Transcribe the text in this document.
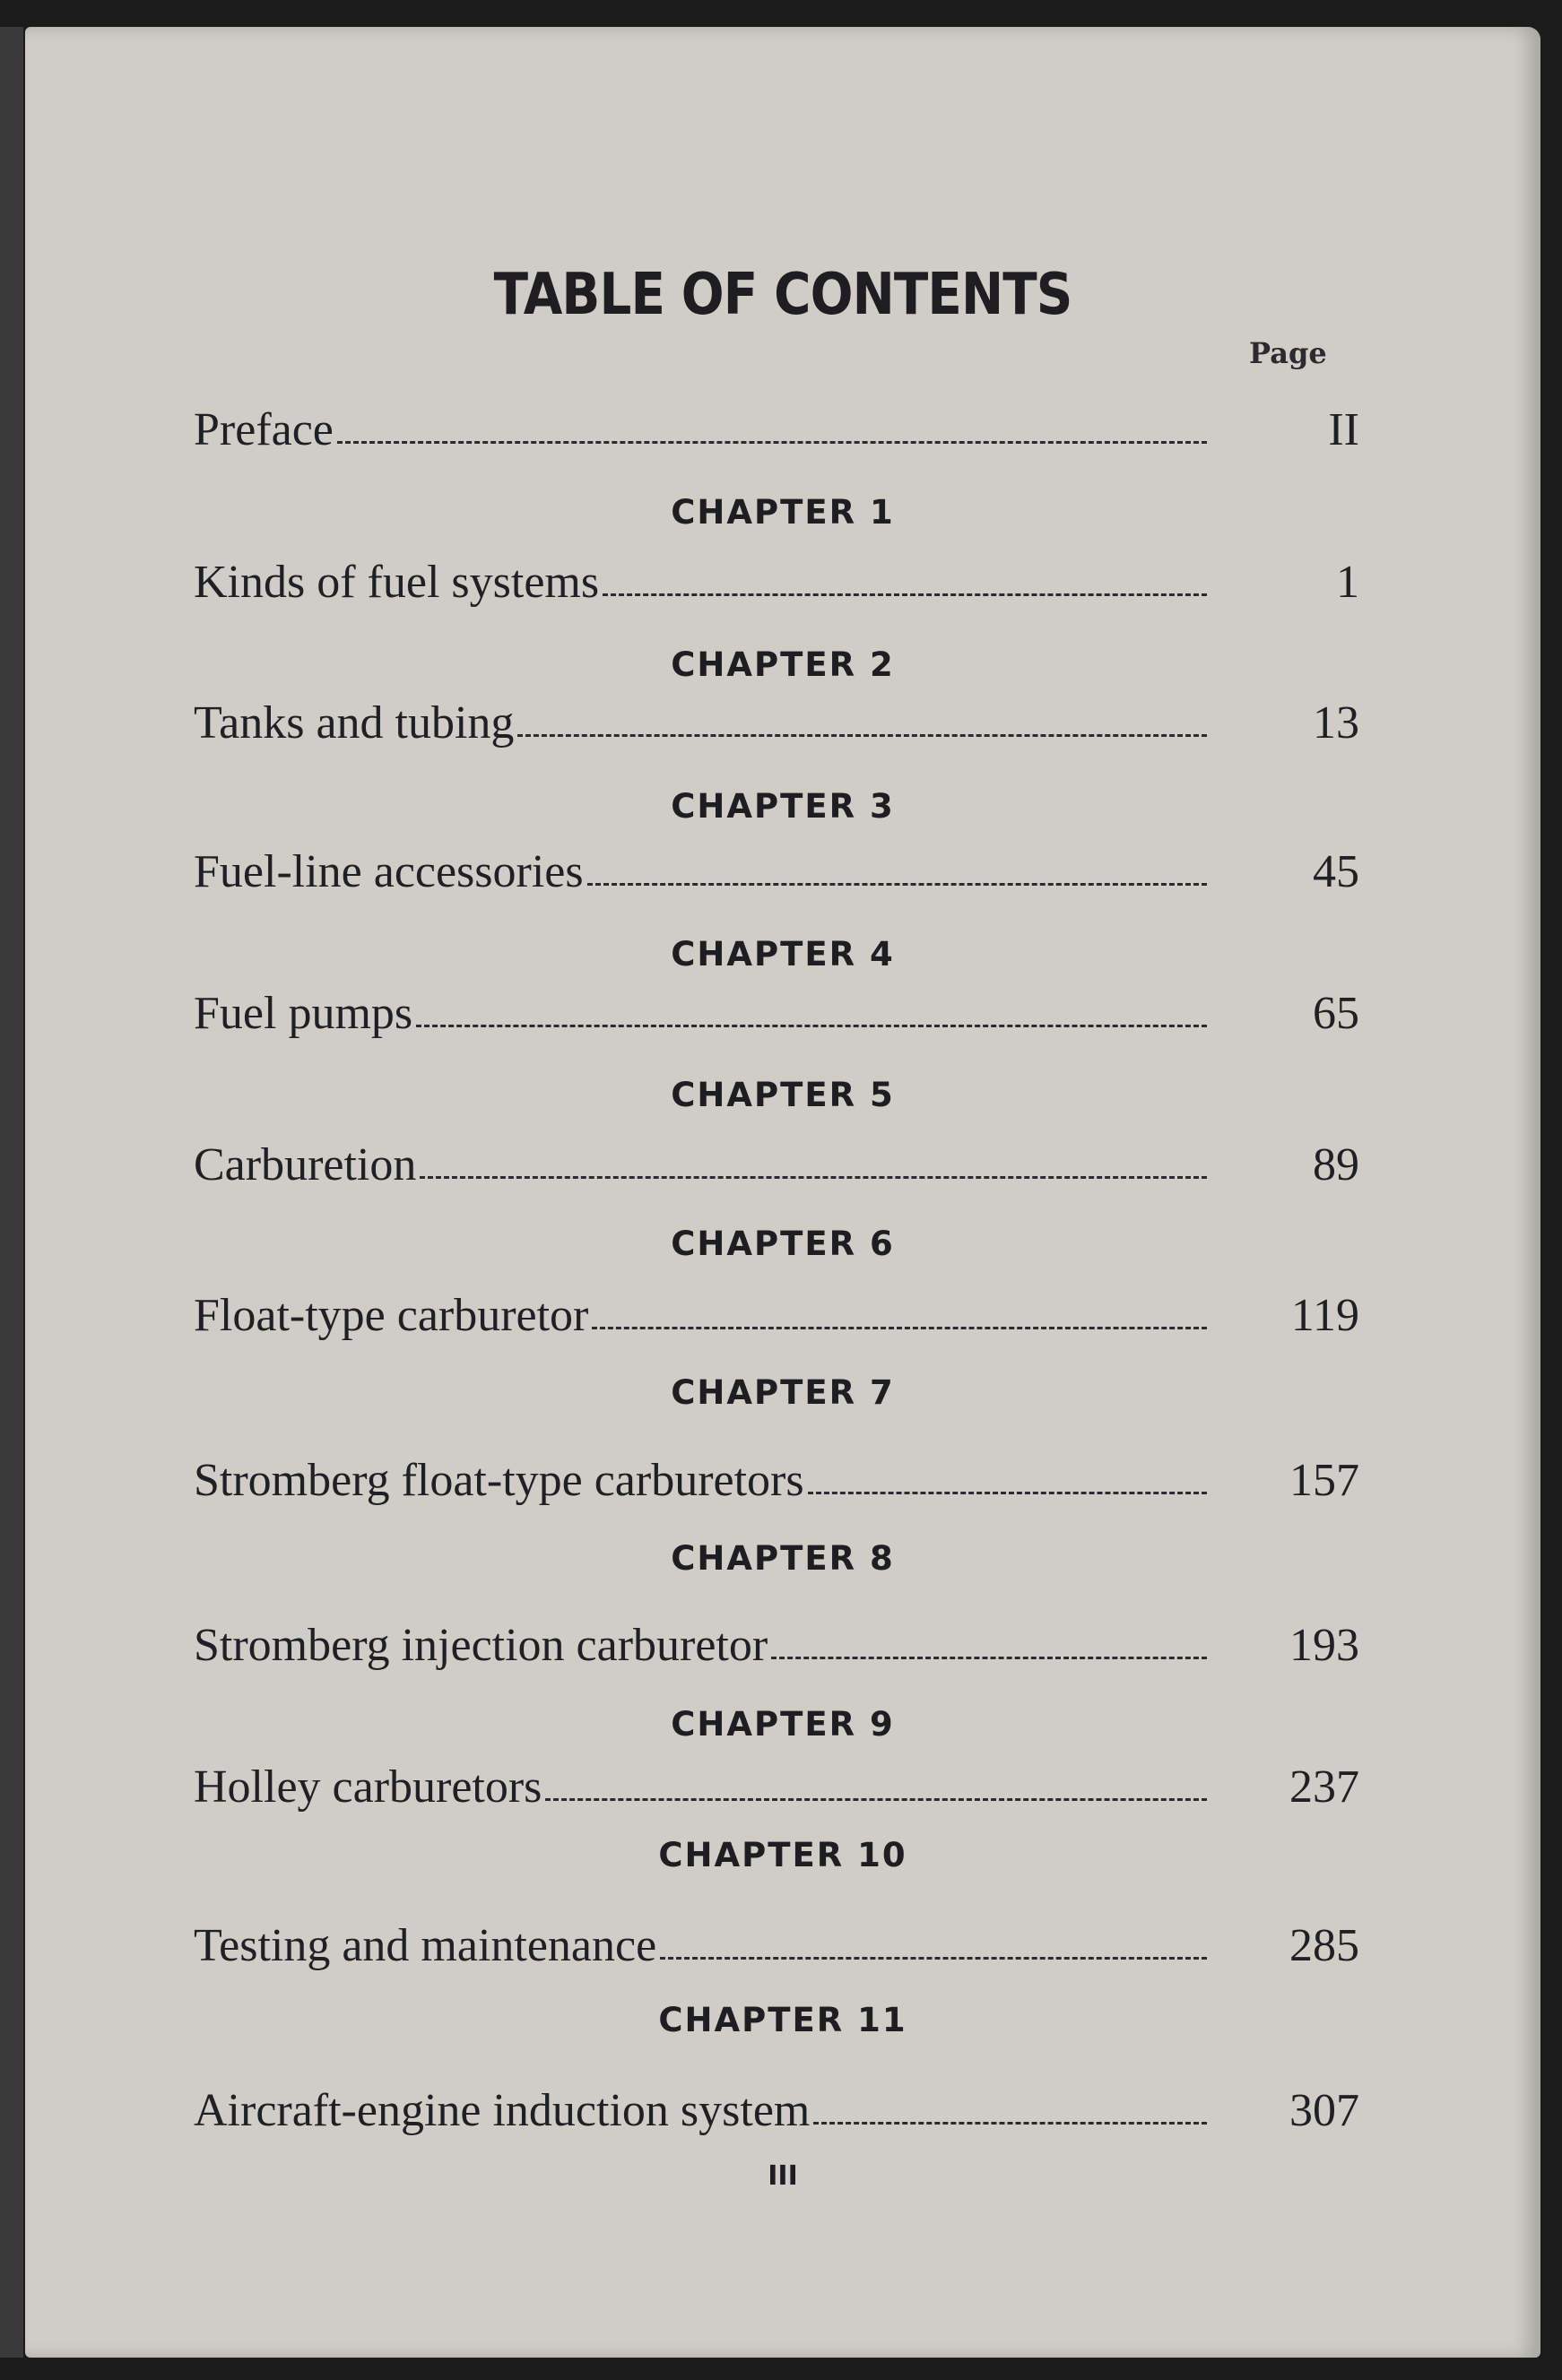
TABLE OF CONTENTS
Page
Preface	II
CHAPTER 1
Kinds of fuel systems	1
CHAPTER 2
Tanks and tubing	13
CHAPTER 3
Fuel-line accessories	45
CHAPTER 4
Fuel pumps	65
CHAPTER 5
Carburetion	89
CHAPTER 6
Float-type carburetor	119
CHAPTER 7
Stromberg float-type carburetors	157
CHAPTER 8
Stromberg injection carburetor	193
CHAPTER 9
Holley carburetors	237
CHAPTER 10
Testing and maintenance	285
CHAPTER 11
Aircraft-engine induction system	307
III
